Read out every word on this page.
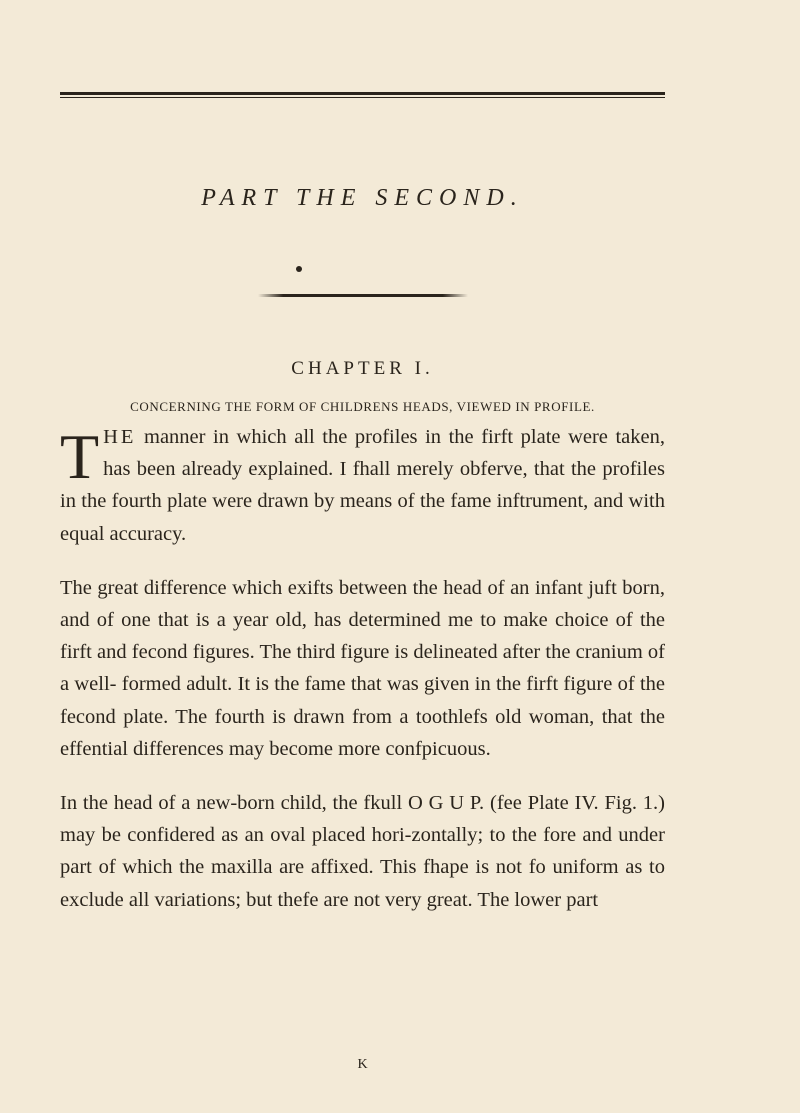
PART THE SECOND.
CHAPTER I.
CONCERNING THE FORM OF CHILDRENS HEADS, VIEWED IN PROFILE.

THE manner in which all the profiles in the firft plate were taken, has been already explained. I fhall merely obferve, that the profiles in the fourth plate were drawn by means of the fame inftrument, and with equal accuracy.

The great difference which exifts between the head of an infant juft born, and of one that is a year old, has determined me to make choice of the firft and fecond figures. The third figure is delineated after the cranium of a well- formed adult. It is the fame that was given in the firft figure of the fecond plate. The fourth is drawn from a toothlefs old woman, that the effential differences may become more confpicuous.

In the head of a new-born child, the fkull O G U P. (fee Plate IV. Fig. 1.) may be confidered as an oval placed hori-zontally; to the fore and under part of which the maxilla are affixed. This fhape is not fo uniform as to exclude all variations; but thefe are not very great. The lower part

K
